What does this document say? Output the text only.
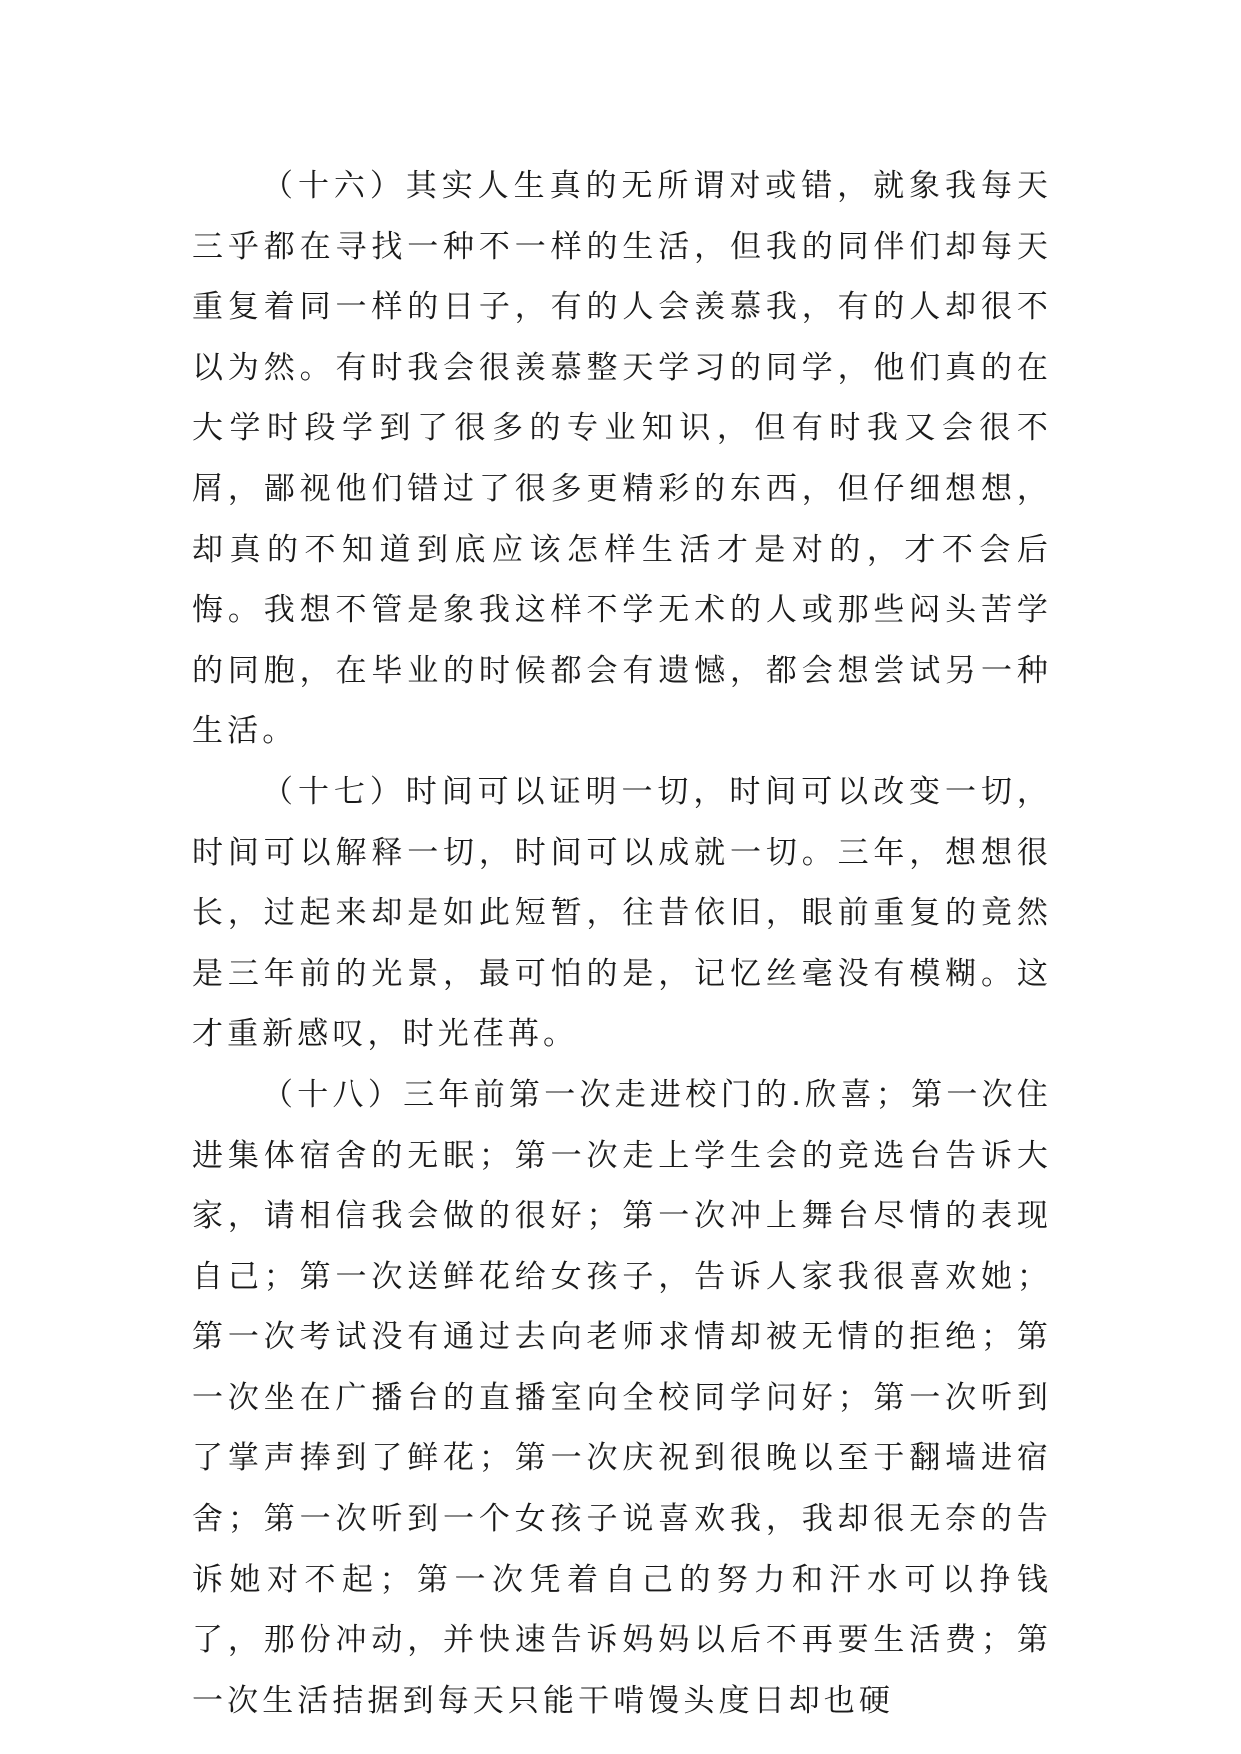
（十六）其实人生真的无所谓对或错，就象我每天三乎都在寻找一种不一样的生活，但我的同伴们却每天重复着同一样的日子，有的人会羡慕我，有的人却很不以为然。有时我会很羡慕整天学习的同学，他们真的在大学时段学到了很多的专业知识，但有时我又会很不屑，鄙视他们错过了很多更精彩的东西，但仔细想想，却真的不知道到底应该怎样生活才是对的，才不会后悔。我想不管是象我这样不学无术的人或那些闷头苦学的同胞，在毕业的时候都会有遗憾，都会想尝试另一种生活。

（十七）时间可以证明一切，时间可以改变一切，时间可以解释一切，时间可以成就一切。三年，想想很长，过起来却是如此短暂，往昔依旧，眼前重复的竟然是三年前的光景，最可怕的是，记忆丝毫没有模糊。这才重新感叹，时光荏苒。

（十八）三年前第一次走进校门的.欣喜；第一次住进集体宿舍的无眠；第一次走上学生会的竞选台告诉大家，请相信我会做的很好；第一次冲上舞台尽情的表现自己；第一次送鲜花给女孩子，告诉人家我很喜欢她；第一次考试没有通过去向老师求情却被无情的拒绝；第一次坐在广播台的直播室向全校同学问好；第一次听到了掌声捧到了鲜花；第一次庆祝到很晚以至于翻墙进宿舍；第一次听到一个女孩子说喜欢我，我却很无奈的告诉她对不起；第一次凭着自己的努力和汗水可以挣钱了，那份冲动，并快速告诉妈妈以后不再要生活费；第一次生活拮据到每天只能干啃馒头度日却也硬
